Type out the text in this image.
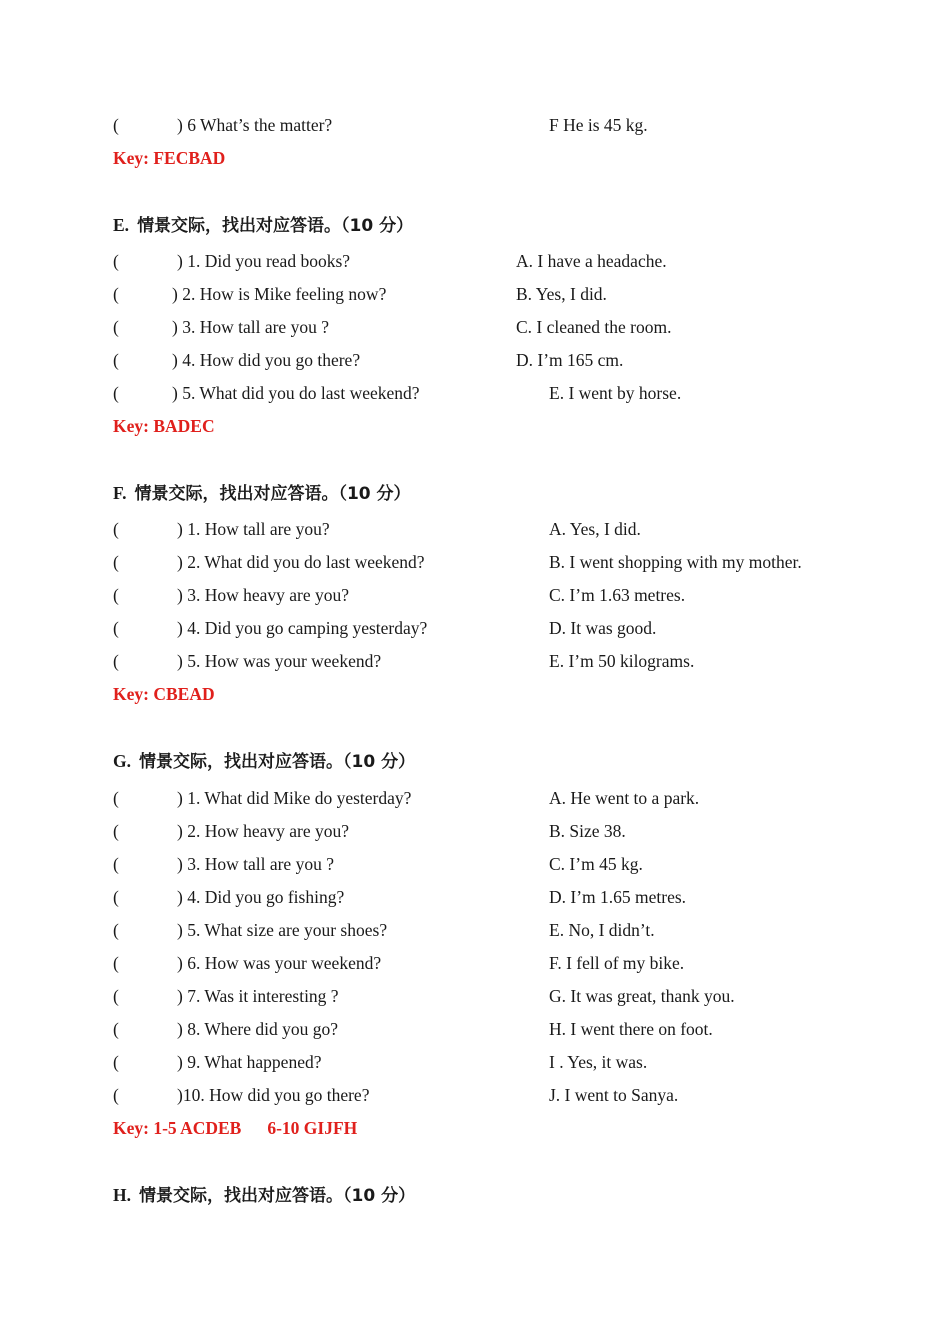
(	) 6 What’s the matter?	F He is 45 kg.
Key: FECBAD
E. 情景交际，找出对应答语。（10 分）
(	) 1. Did you read books?	A. I have a headache.
(	) 2. How is Mike feeling now?	B. Yes, I did.
(	) 3. How tall are you ?	C. I cleaned the room.
(	) 4. How did you go there?	D. I’m 165 cm.
(	) 5. What did you do last weekend?	E. I went by horse.
Key: BADEC
F. 情景交际，找出对应答语。（10 分）
(	) 1. How tall are you?	A. Yes, I did.
(	) 2. What did you do last weekend?	B. I went shopping with my mother.
(	) 3. How heavy are you?	C. I’m 1.63 metres.
(	) 4. Did you go camping yesterday?	D. It was good.
(	) 5. How was your weekend?	E. I’m 50 kilograms.
Key: CBEAD
G. 情景交际，找出对应答语。（10 分）
(	) 1. What did Mike do yesterday?	A. He went to a park.
(	) 2. How heavy are you?	B. Size 38.
(	) 3. How tall are you ?	C. I’m 45 kg.
(	) 4. Did you go fishing?	D. I’m 1.65 metres.
(	) 5. What size are your shoes?	E. No, I didn’t.
(	) 6. How was your weekend?	F. I fell of my bike.
(	) 7. Was it interesting ?	G. It was great, thank you.
(	) 8. Where did you go?	H. I went there on foot.
(	) 9. What happened?	I . Yes, it was.
(	)10. How did you go there?	J. I went to Sanya.
Key: 1-5 ACDEB 6-10 GIJFH
H. 情景交际，找出对应答语。（10 分）
